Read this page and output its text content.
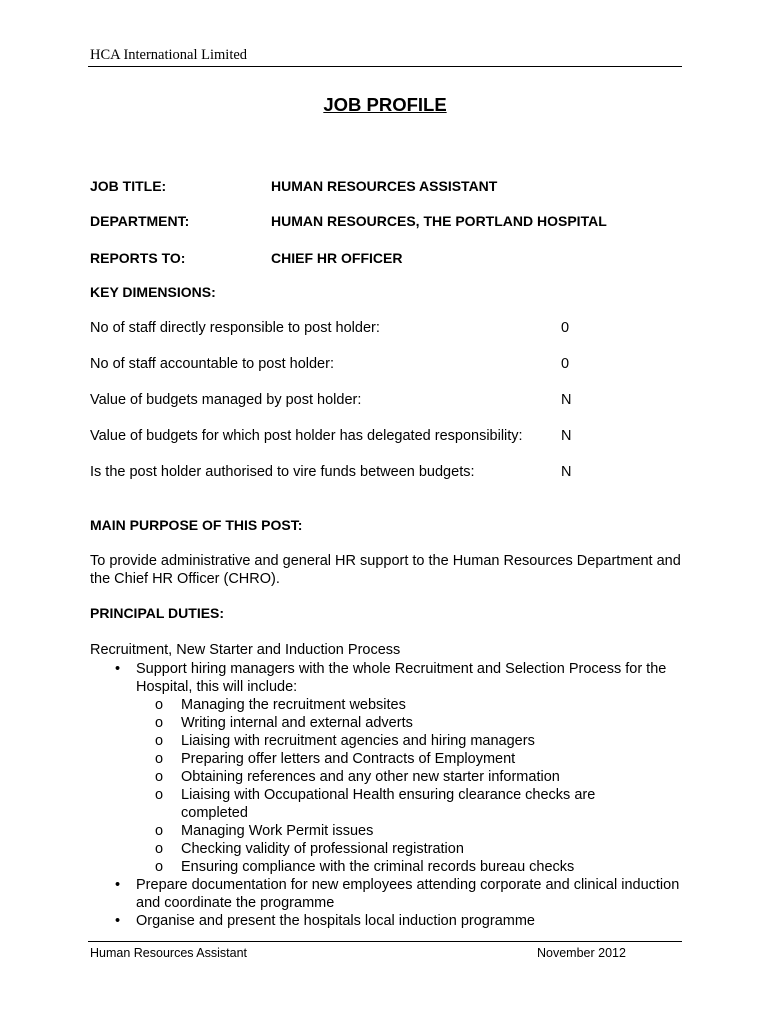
HCA International Limited
JOB PROFILE
JOB TITLE:	HUMAN RESOURCES ASSISTANT
DEPARTMENT:	HUMAN RESOURCES, THE PORTLAND HOSPITAL
REPORTS TO:	CHIEF HR OFFICER
KEY DIMENSIONS:
No of staff directly responsible to post holder:	0
No of staff accountable to post holder:	0
Value of budgets managed by post holder:	N
Value of budgets for which post holder has delegated responsibility:	N
Is the post holder authorised to vire funds between budgets:	N
MAIN PURPOSE OF THIS POST:
To provide administrative and general HR support to the Human Resources Department and the Chief HR Officer (CHRO).
PRINCIPAL DUTIES:
Recruitment, New Starter and Induction Process
• Support hiring managers with the whole Recruitment and Selection Process for the Hospital, this will include:
o Managing the recruitment websites
o Writing internal and external adverts
o Liaising with recruitment agencies and hiring managers
o Preparing offer letters and Contracts of Employment
o Obtaining references and any other new starter information
o Liaising with Occupational Health ensuring clearance checks are completed
o Managing Work Permit issues
o Checking validity of professional registration
o Ensuring compliance with the criminal records bureau checks
• Prepare documentation for new employees attending corporate and clinical induction and coordinate the programme
• Organise and present the hospitals local induction programme
Human Resources Assistant	November 2012
